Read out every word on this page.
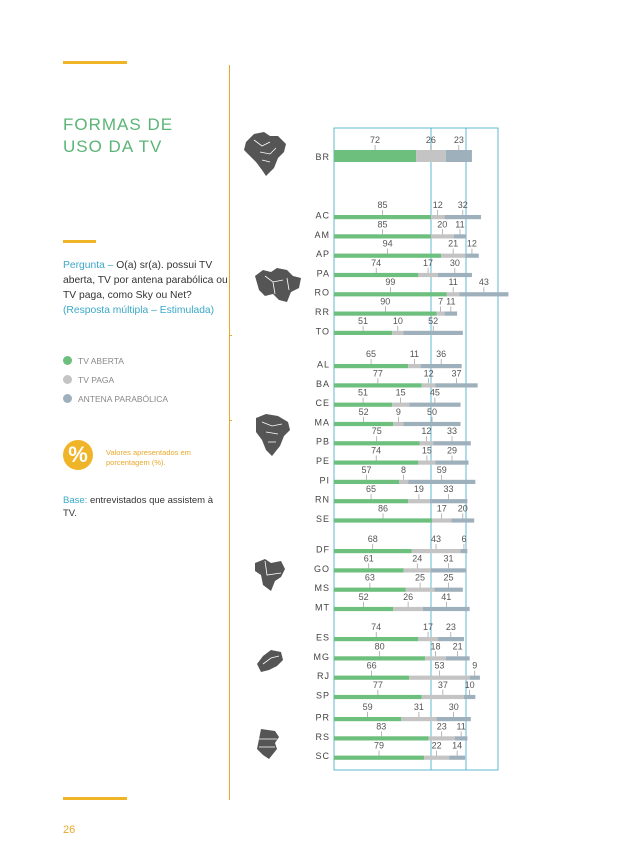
FORMAS DE
USO DA TV
Pergunta – O(a) sr(a). possui TV aberta, TV por antena parabólica ou TV paga, como Sky ou Net? (Resposta múltipla – Estimulada)
TV ABERTA
TV PAGA
ANTENA PARABÓLICA
%	Valores apresentados em porcentagem (%).
Base: entrevistados que assistem à TV.
BR
72	26 23
AC
85	12 32
AM
85	20 11
AP
94	21 12
PA
74	17 30
RO
99	11 43
RR
90	7 11
TO
51	10	52
AL
65	11 36
BA
77	12 37
CE
51	15	45
MA
52	9	50
PB
75	12 33
PE
74	15 29
PI
57	8	59
RN
65	19 33
SE
86	17 20
DF
68	43 6
GO
61	24 31
MS
63	25 25
MT
52	26	41
ES
74	17 23
MG
80	18 21
RJ
66	53	9
SP
77	37 10
PR
59	31	30
RS
83	23 11
SC
79	22 14
26
